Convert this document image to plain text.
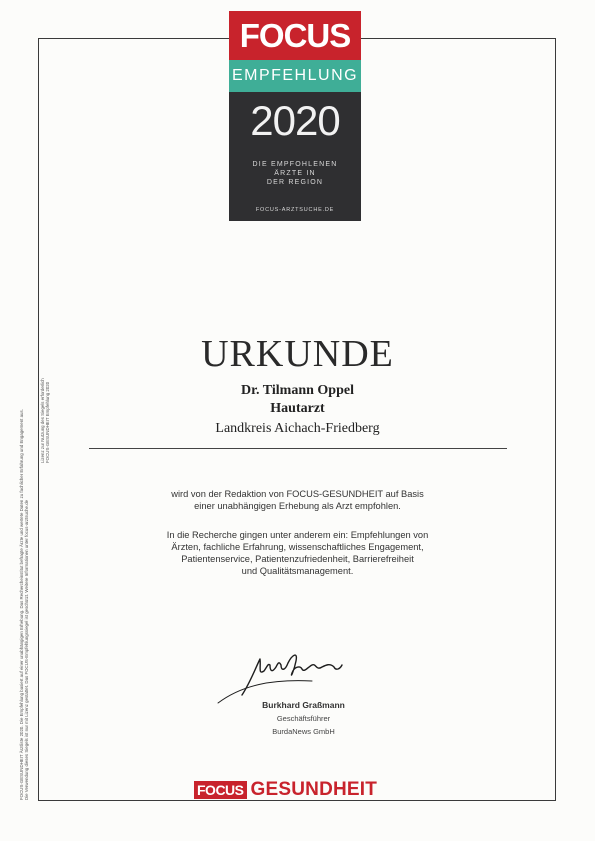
FOCUS
EMPFEHLUNG
2020
DIE EMPFOHLENEN
ÄRZTE IN
DER REGION
FOCUS-ARZTSUCHE.DE
URKUNDE
Dr. Tilmann Oppel
Hautarzt
Landkreis Aichach-Friedberg
wird von der Redaktion von FOCUS-GESUNDHEIT auf Basis
einer unabhängigen Erhebung als Arzt empfohlen.
In die Recherche gingen unter anderem ein: Empfehlungen von
Ärzten, fachliche Erfahrung, wissenschaftliches Engagement,
Patientenservice, Patientenzufriedenheit, Barrierefreiheit
und Qualitätsmanagement.
Burkhard Graßmann
Geschäftsführer
BurdaNews GmbH
FOCUS GESUNDHEIT
FOCUS-GESUNDHEIT Ärztliste 2020. Die Empfehlung basiert auf einer unabhängigen Erhebung. Das Rechercheinstitut befragte Ärzte und wertete Daten zu fachlicher Erfahrung und Engagement aus. Die Verwendung dieses Siegels ist nur mit Lizenz gestattet. Das FOCUS-Empfehlungssiegel ist geschützt. Weitere Informationen unter focus-arztsuche.de
Lizenz zur Nutzung des Siegels erforderlich FOCUS-GESUNDHEIT Empfehlung 2020
